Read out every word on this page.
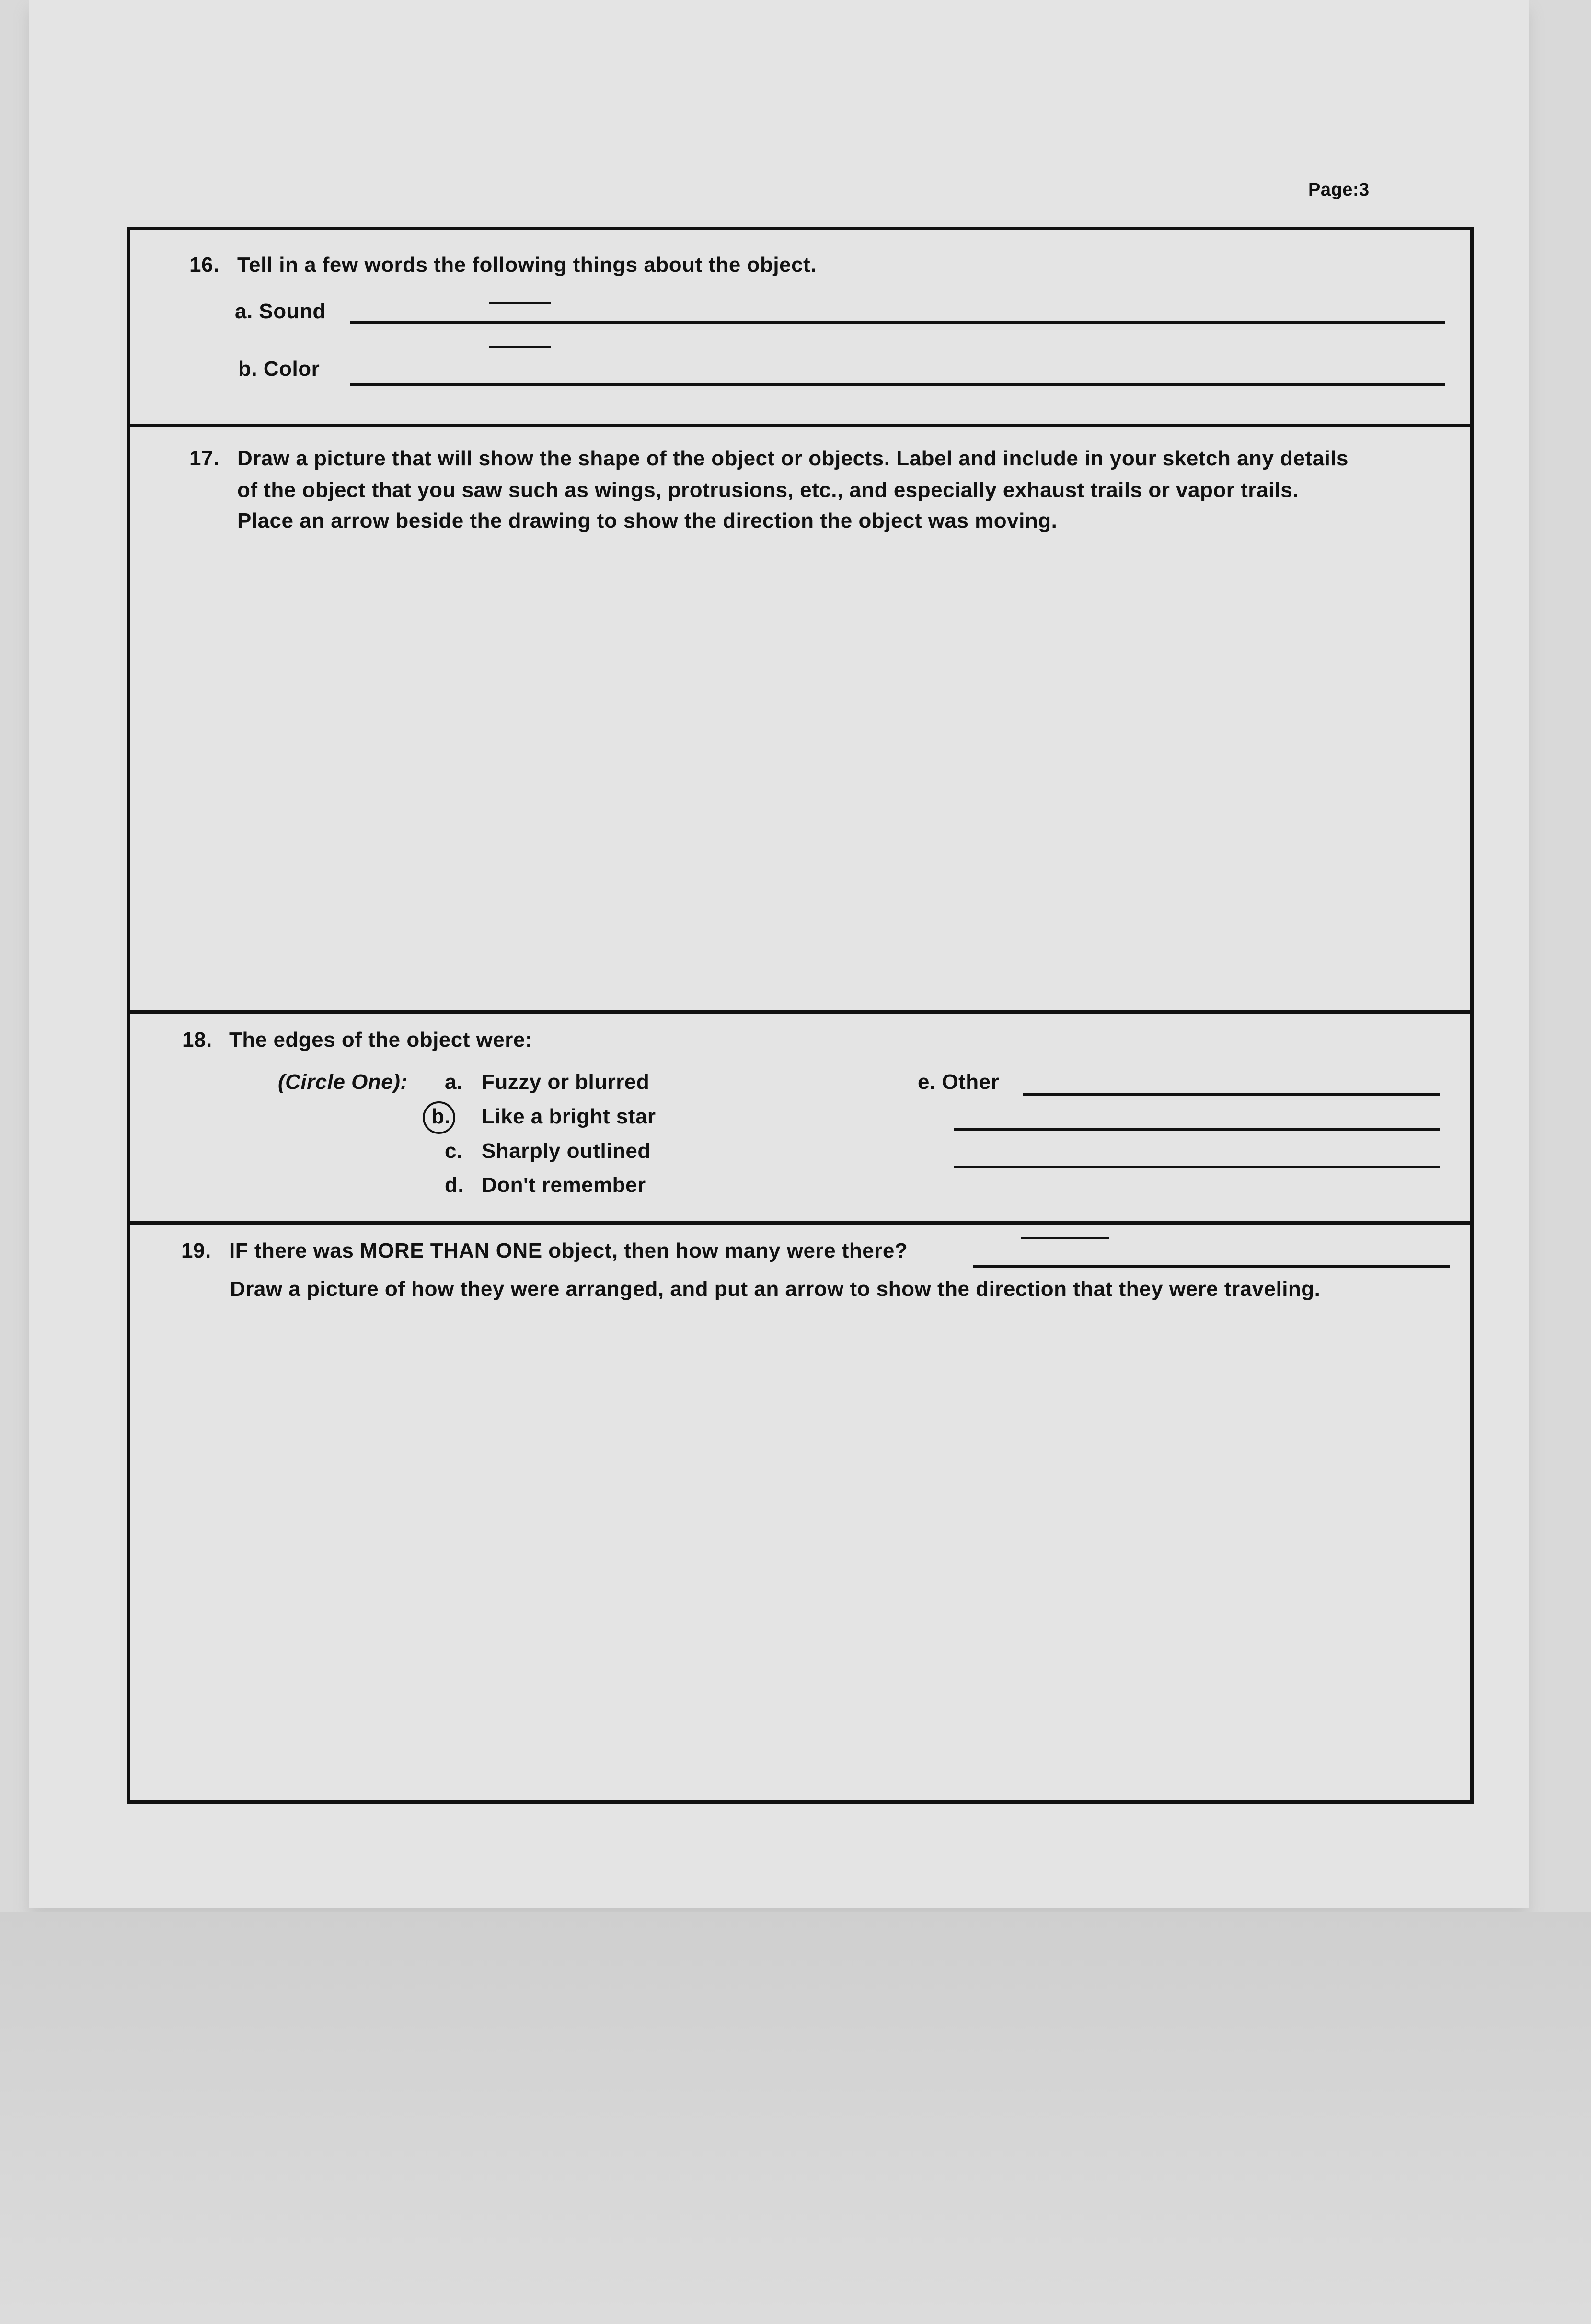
Page:3
16. Tell in a few words the following things about the object.
a. Sound
b. Color
17. Draw a picture that will show the shape of the object or objects. Label and include in your sketch any details
of the object that you saw such as wings, protrusions, etc., and especially exhaust trails or vapor trails.
Place an arrow beside the drawing to show the direction the object was moving.
18. The edges of the object were:
(Circle One): a. Fuzzy or blurred
b. Like a bright star
c. Sharply outlined
d. Don't remember
e. Other
19. IF there was MORE THAN ONE object, then how many were there?
Draw a picture of how they were arranged, and put an arrow to show the direction that they were traveling.
